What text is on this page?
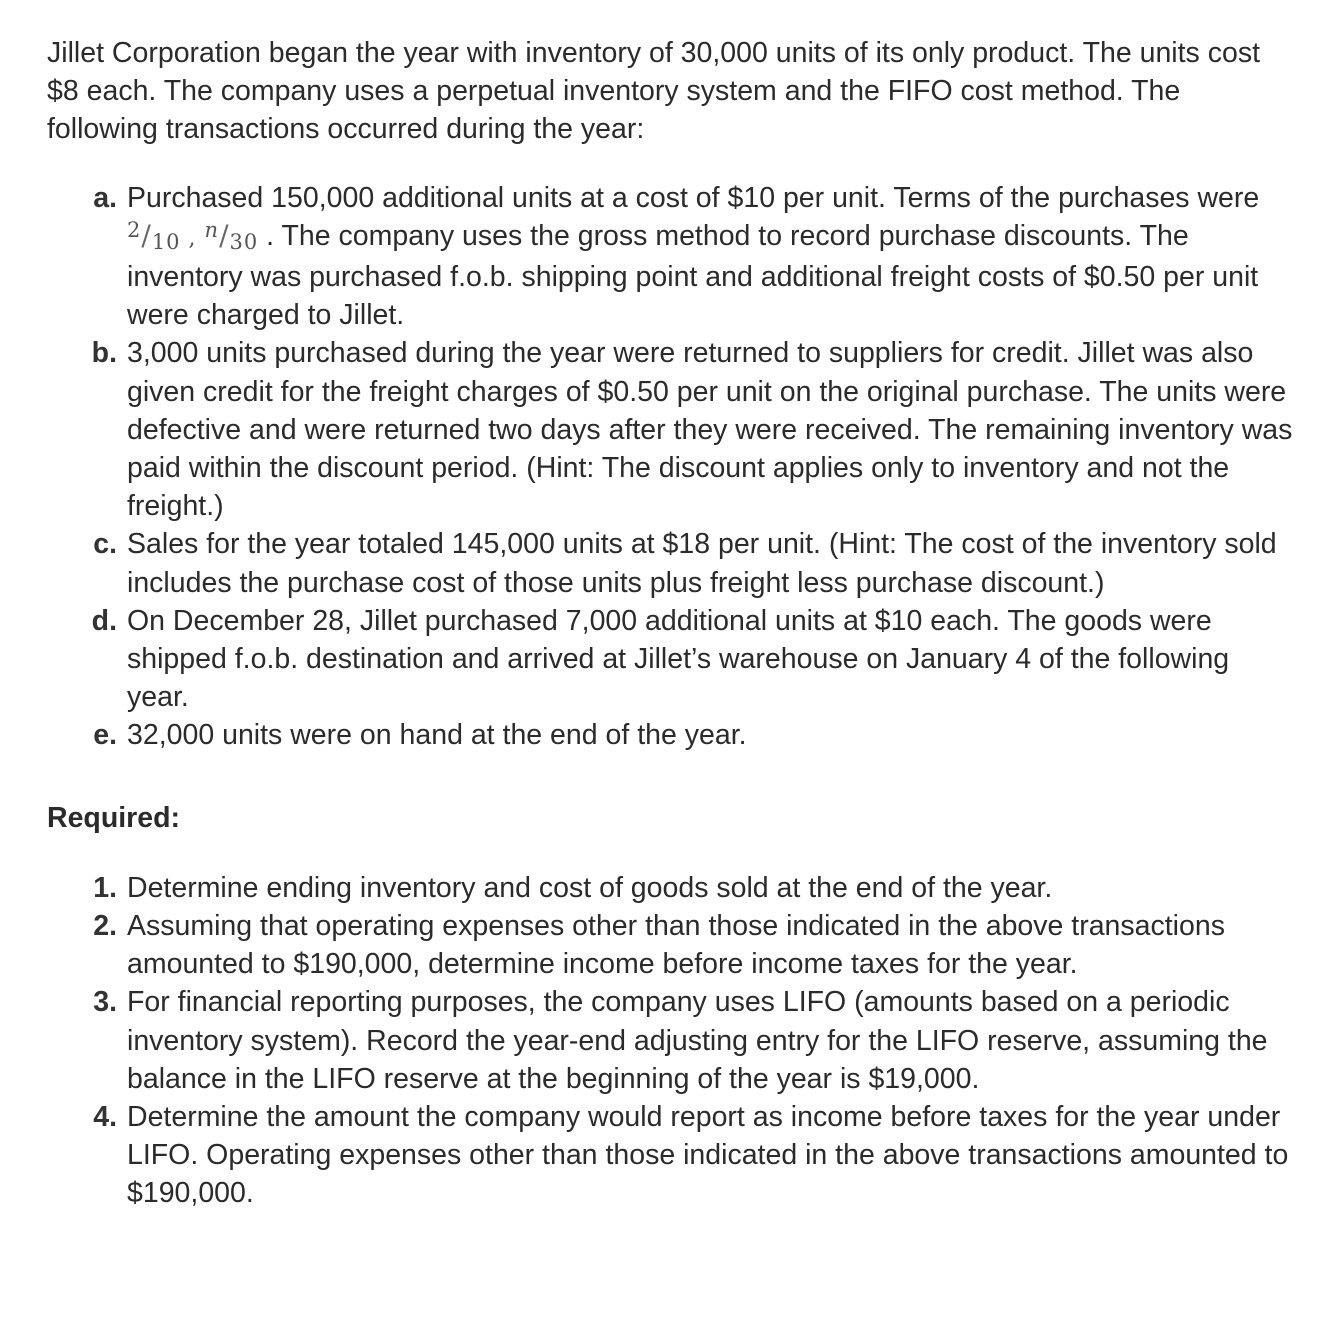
Jillet Corporation began the year with inventory of 30,000 units of its only product. The units cost $8 each. The company uses a perpetual inventory system and the FIFO cost method. The following transactions occurred during the year:

a. Purchased 150,000 additional units at a cost of $10 per unit. Terms of the purchases were 2/10 , n/30 . The company uses the gross method to record purchase discounts. The inventory was purchased f.o.b. shipping point and additional freight costs of $0.50 per unit were charged to Jillet.
b. 3,000 units purchased during the year were returned to suppliers for credit. Jillet was also given credit for the freight charges of $0.50 per unit on the original purchase. The units were defective and were returned two days after they were received. The remaining inventory was paid within the discount period. (Hint: The discount applies only to inventory and not the freight.)
c. Sales for the year totaled 145,000 units at $18 per unit. (Hint: The cost of the inventory sold includes the purchase cost of those units plus freight less purchase discount.)
d. On December 28, Jillet purchased 7,000 additional units at $10 each. The goods were shipped f.o.b. destination and arrived at Jillet’s warehouse on January 4 of the following year.
e. 32,000 units were on hand at the end of the year.
Required:
1. Determine ending inventory and cost of goods sold at the end of the year.
2. Assuming that operating expenses other than those indicated in the above transactions amounted to $190,000, determine income before income taxes for the year.
3. For financial reporting purposes, the company uses LIFO (amounts based on a periodic inventory system). Record the year-end adjusting entry for the LIFO reserve, assuming the balance in the LIFO reserve at the beginning of the year is $19,000.
4. Determine the amount the company would report as income before taxes for the year under LIFO. Operating expenses other than those indicated in the above transactions amounted to $190,000.
